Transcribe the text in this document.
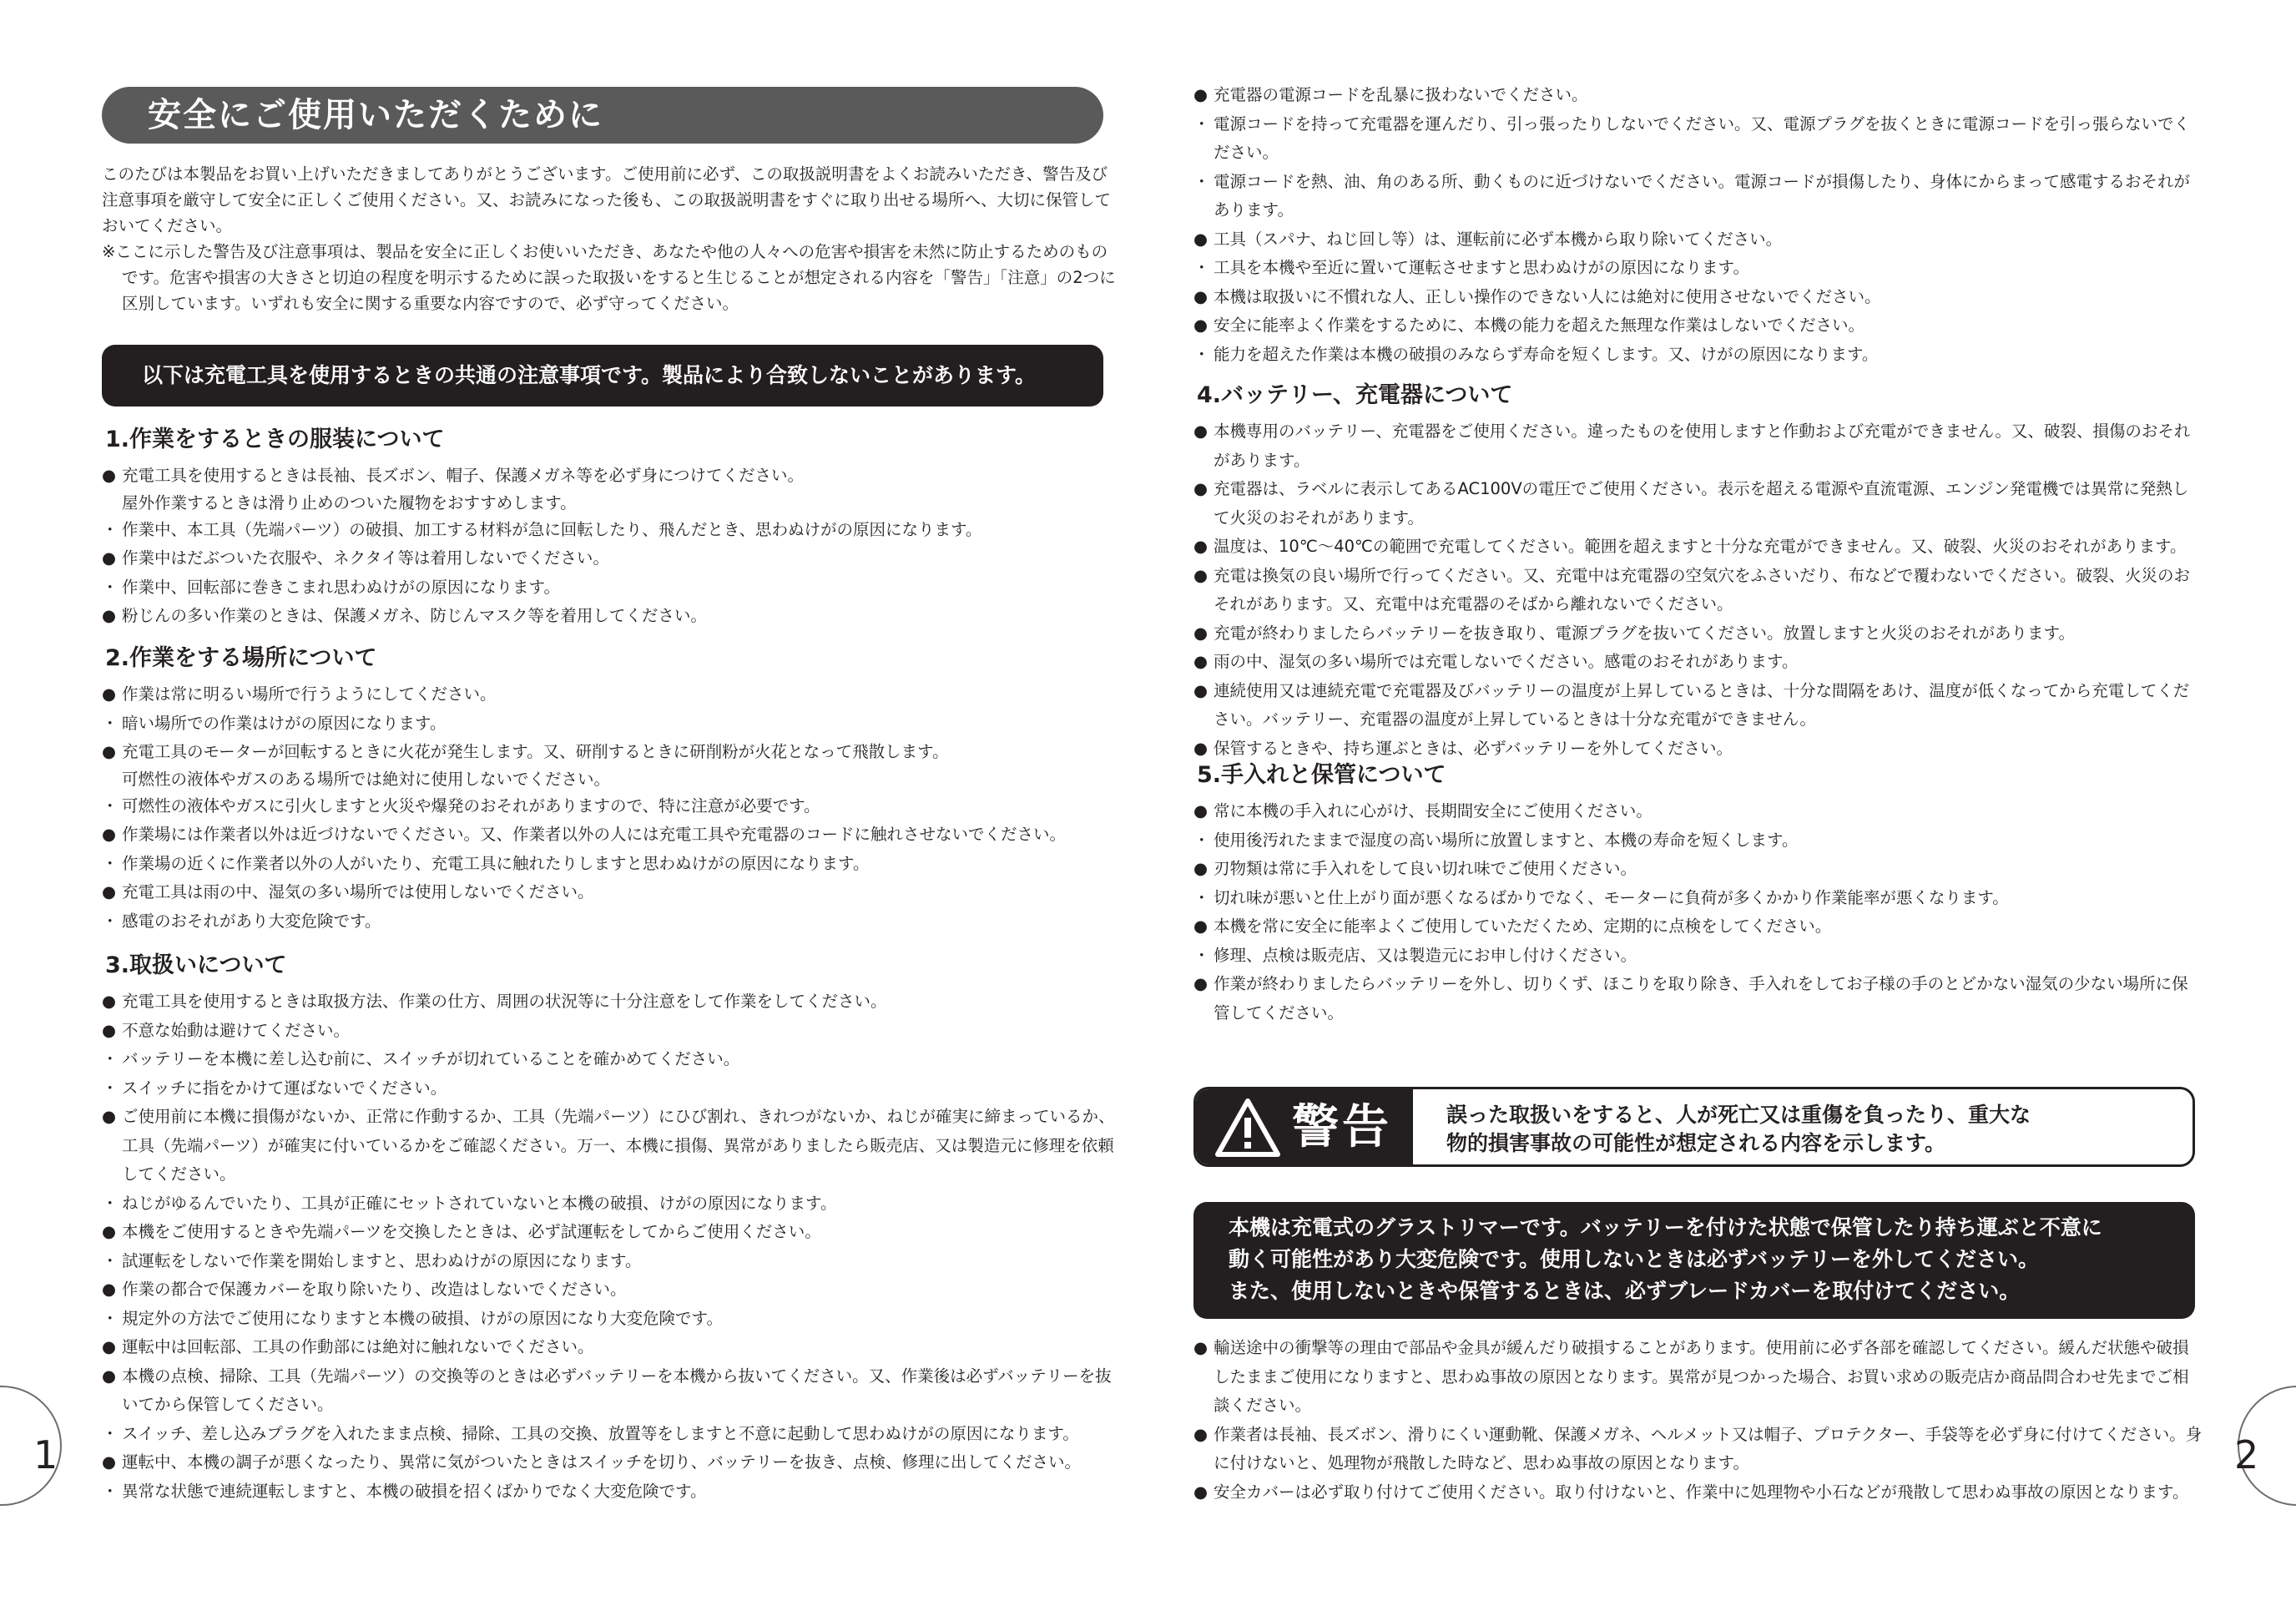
安全にご使用いただくために

このたびは本製品をお買い上げいただきましてありがとうございます。ご使用前に必ず、この取扱説明書をよくお読みいただき、警告及び注意事項を厳守して安全に正しくご使用ください。又、お読みになった後も、この取扱説明書をすぐに取り出せる場所へ、大切に保管しておいてください。

※ここに示した警告及び注意事項は、製品を安全に正しくお使いいただき、あなたや他の人々への危害や損害を未然に防止するためのものです。危害や損害の大きさと切迫の程度を明示するために誤った取扱いをすると生じることが想定される内容を「警告」「注意」の2つに区別しています。いずれも安全に関する重要な内容ですので、必ず守ってください。

以下は充電工具を使用するときの共通の注意事項です。製品により合致しないことがあります。
1.作業をするときの服装について
● 充電工具を使用するときは長袖、長ズボン、帽子、保護メガネ等を必ず身につけてください。
屋外作業するときは滑り止めのついた履物をおすすめします。
・ 作業中、本工具（先端パーツ）の破損、加工する材料が急に回転したり、飛んだとき、思わぬけがの原因になります。
● 作業中はだぶついた衣服や、ネクタイ等は着用しないでください。
・ 作業中、回転部に巻きこまれ思わぬけがの原因になります。
● 粉じんの多い作業のときは、保護メガネ、防じんマスク等を着用してください。
2.作業をする場所について
● 作業は常に明るい場所で行うようにしてください。
・ 暗い場所での作業はけがの原因になります。
● 充電工具のモーターが回転するときに火花が発生します。又、研削するときに研削粉が火花となって飛散します。
可燃性の液体やガスのある場所では絶対に使用しないでください。
・ 可燃性の液体やガスに引火しますと火災や爆発のおそれがありますので、特に注意が必要です。
● 作業場には作業者以外は近づけないでください。又、作業者以外の人には充電工具や充電器のコードに触れさせないでください。
・ 作業場の近くに作業者以外の人がいたり、充電工具に触れたりしますと思わぬけがの原因になります。
● 充電工具は雨の中、湿気の多い場所では使用しないでください。
・ 感電のおそれがあり大変危険です。
3.取扱いについて
● 充電工具を使用するときは取扱方法、作業の仕方、周囲の状況等に十分注意をして作業をしてください。
● 不意な始動は避けてください。
・ バッテリーを本機に差し込む前に、スイッチが切れていることを確かめてください。
・ スイッチに指をかけて運ばないでください。
● ご使用前に本機に損傷がないか、正常に作動するか、工具（先端パーツ）にひび割れ、きれつがないか、ねじが確実に締まっているか、工具（先端パーツ）が確実に付いているかをご確認ください。万一、本機に損傷、異常がありましたら販売店、又は製造元に修理を依頼してください。
・ ねじがゆるんでいたり、工具が正確にセットされていないと本機の破損、けがの原因になります。
● 本機をご使用するときや先端パーツを交換したときは、必ず試運転をしてからご使用ください。
・ 試運転をしないで作業を開始しますと、思わぬけがの原因になります。
● 作業の都合で保護カバーを取り除いたり、改造はしないでください。
・ 規定外の方法でご使用になりますと本機の破損、けがの原因になり大変危険です。
● 運転中は回転部、工具の作動部には絶対に触れないでください。
● 本機の点検、掃除、工具（先端パーツ）の交換等のときは必ずバッテリーを本機から抜いてください。又、作業後は必ずバッテリーを抜いてから保管してください。
・ スイッチ、差し込みプラグを入れたまま点検、掃除、工具の交換、放置等をしますと不意に起動して思わぬけがの原因になります。
● 運転中、本機の調子が悪くなったり、異常に気がついたときはスイッチを切り、バッテリーを抜き、点検、修理に出してください。
・ 異常な状態で連続運転しますと、本機の破損を招くばかりでなく大変危険です。
● 充電器の電源コードを乱暴に扱わないでください。
・ 電源コードを持って充電器を運んだり、引っ張ったりしないでください。又、電源プラグを抜くときに電源コードを引っ張らないでください。
・ 電源コードを熱、油、角のある所、動くものに近づけないでください。電源コードが損傷したり、身体にからまって感電するおそれがあります。
● 工具（スパナ、ねじ回し等）は、運転前に必ず本機から取り除いてください。
・ 工具を本機や至近に置いて運転させますと思わぬけがの原因になります。
● 本機は取扱いに不慣れな人、正しい操作のできない人には絶対に使用させないでください。
● 安全に能率よく作業をするために、本機の能力を超えた無理な作業はしないでください。
・ 能力を超えた作業は本機の破損のみならず寿命を短くします。又、けがの原因になります。
4.バッテリー、充電器について
● 本機専用のバッテリー、充電器をご使用ください。違ったものを使用しますと作動および充電ができません。又、破裂、損傷のおそれがあります。
● 充電器は、ラベルに表示してあるAC100Vの電圧でご使用ください。表示を超える電源や直流電源、エンジン発電機では異常に発熱して火災のおそれがあります。
● 温度は、10℃～40℃の範囲で充電してください。範囲を超えますと十分な充電ができません。又、破裂、火災のおそれがあります。
● 充電は換気の良い場所で行ってください。又、充電中は充電器の空気穴をふさいだり、布などで覆わないでください。破裂、火災のおそれがあります。又、充電中は充電器のそばから離れないでください。
● 充電が終わりましたらバッテリーを抜き取り、電源プラグを抜いてください。放置しますと火災のおそれがあります。
● 雨の中、湿気の多い場所では充電しないでください。感電のおそれがあります。
● 連続使用又は連続充電で充電器及びバッテリーの温度が上昇しているときは、十分な間隔をあけ、温度が低くなってから充電してください。バッテリー、充電器の温度が上昇しているときは十分な充電ができません。
● 保管するときや、持ち運ぶときは、必ずバッテリーを外してください。
5.手入れと保管について
● 常に本機の手入れに心がけ、長期間安全にご使用ください。
・ 使用後汚れたままで湿度の高い場所に放置しますと、本機の寿命を短くします。
● 刃物類は常に手入れをして良い切れ味でご使用ください。
・ 切れ味が悪いと仕上がり面が悪くなるばかりでなく、モーターに負荷が多くかかり作業能率が悪くなります。
● 本機を常に安全に能率よくご使用していただくため、定期的に点検をしてください。
・ 修理、点検は販売店、又は製造元にお申し付けください。
● 作業が終わりましたらバッテリーを外し、切りくず、ほこりを取り除き、手入れをしてお子様の手のとどかない湿気の少ない場所に保管してください。
警告	誤った取扱いをすると、人が死亡又は重傷を負ったり、重大な
物的損害事故の可能性が想定される内容を示します。
本機は充電式のグラストリマーです。バッテリーを付けた状態で保管したり持ち運ぶと不意に
動く可能性があり大変危険です。使用しないときは必ずバッテリーを外してください。
また、使用しないときや保管するときは、必ずブレードカバーを取付けてください。
● 輸送途中の衝撃等の理由で部品や金具が緩んだり破損することがあります。使用前に必ず各部を確認してください。緩んだ状態や破損したままご使用になりますと、思わぬ事故の原因となります。異常が見つかった場合、お買い求めの販売店か商品問合わせ先までご相談ください。
● 作業者は長袖、長ズボン、滑りにくい運動靴、保護メガネ、ヘルメット又は帽子、プロテクター、手袋等を必ず身に付けてください。身に付けないと、処理物が飛散した時など、思わぬ事故の原因となります。
● 安全カバーは必ず取り付けてご使用ください。取り付けないと、作業中に処理物や小石などが飛散して思わぬ事故の原因となります。
1	2
